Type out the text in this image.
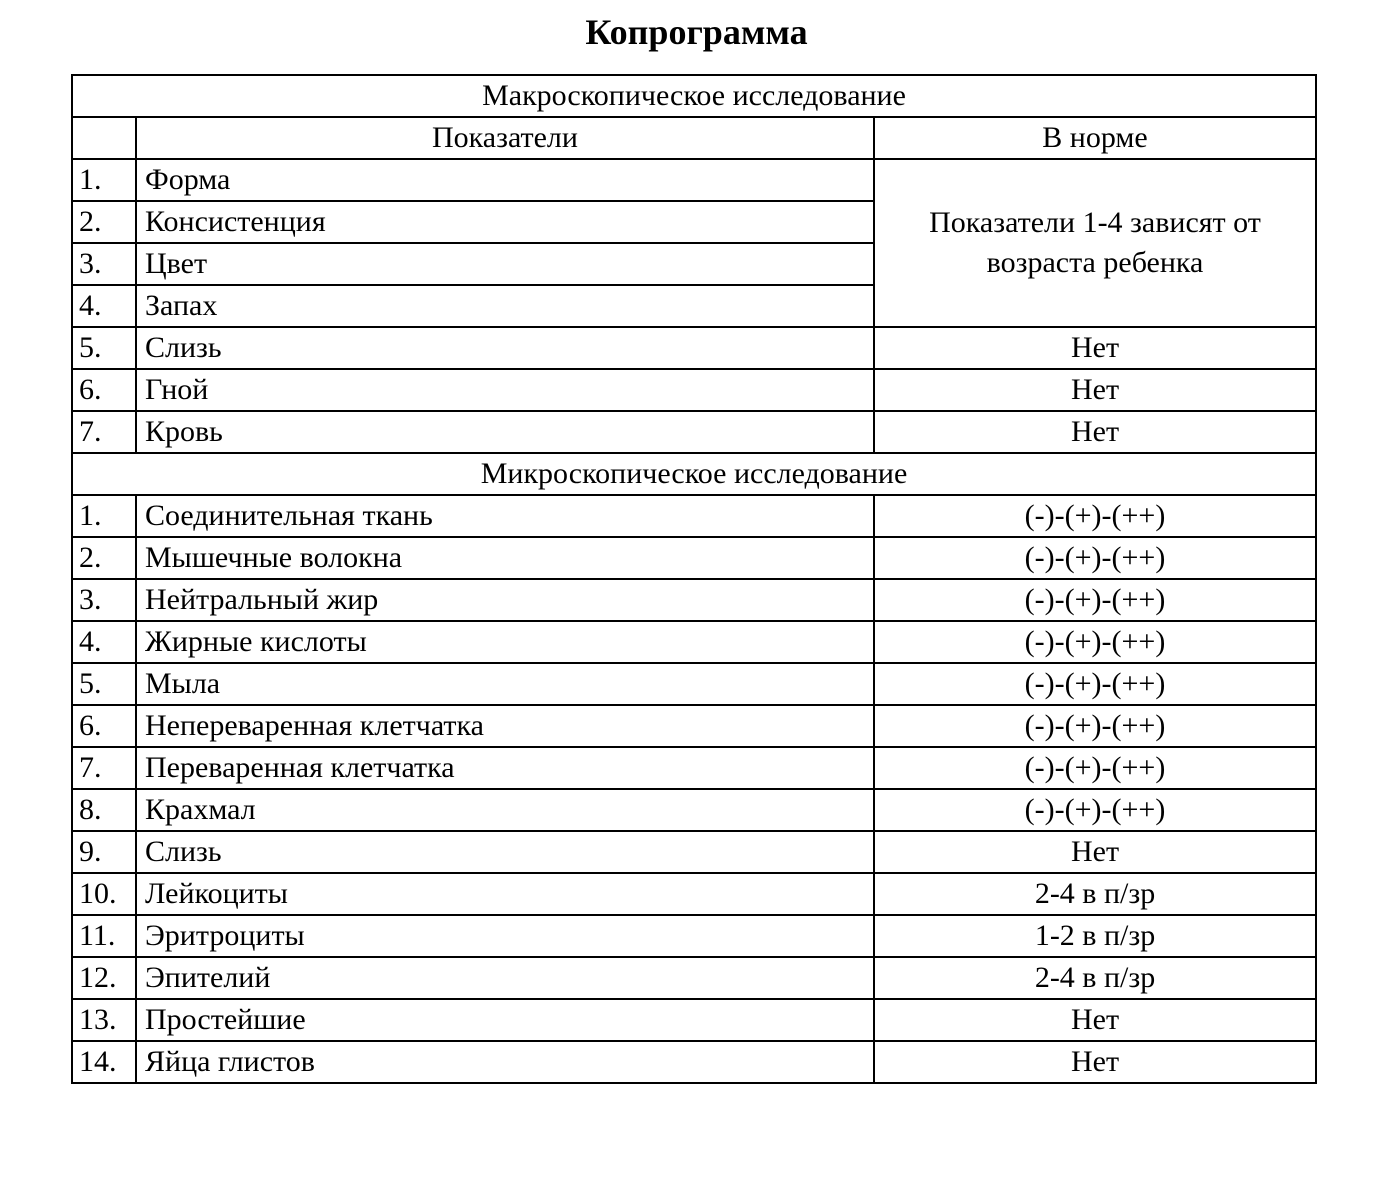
Копрограмма
Макроскопическое исследование		
	Показатели	В норме
1.	Форма	Показатели 1-4 зависят от
возраста ребенка

2.	Консистенция	
3.	Цвет	
4.	Запах	
5.	Слизь	Нет
6.	Гной	Нет
7.	Кровь	Нет
Микроскопическое исследование		
1.	Соединительная ткань	(-)-(+)-(++)
2.	Мышечные волокна	(-)-(+)-(++)
3.	Нейтральный жир	(-)-(+)-(++)
4.	Жирные кислоты	(-)-(+)-(++)
5.	Мыла	(-)-(+)-(++)
6.	Непереваренная клетчатка	(-)-(+)-(++)
7.	Переваренная клетчатка	(-)-(+)-(++)
8.	Крахмал	(-)-(+)-(++)
9.	Слизь	Нет
10.	Лейкоциты	2-4 в п/зр
11.	Эритроциты	1-2 в п/зр
12.	Эпителий	2-4 в п/зр
13.	Простейшие	Нет
14.	Яйца глистов	Нет
